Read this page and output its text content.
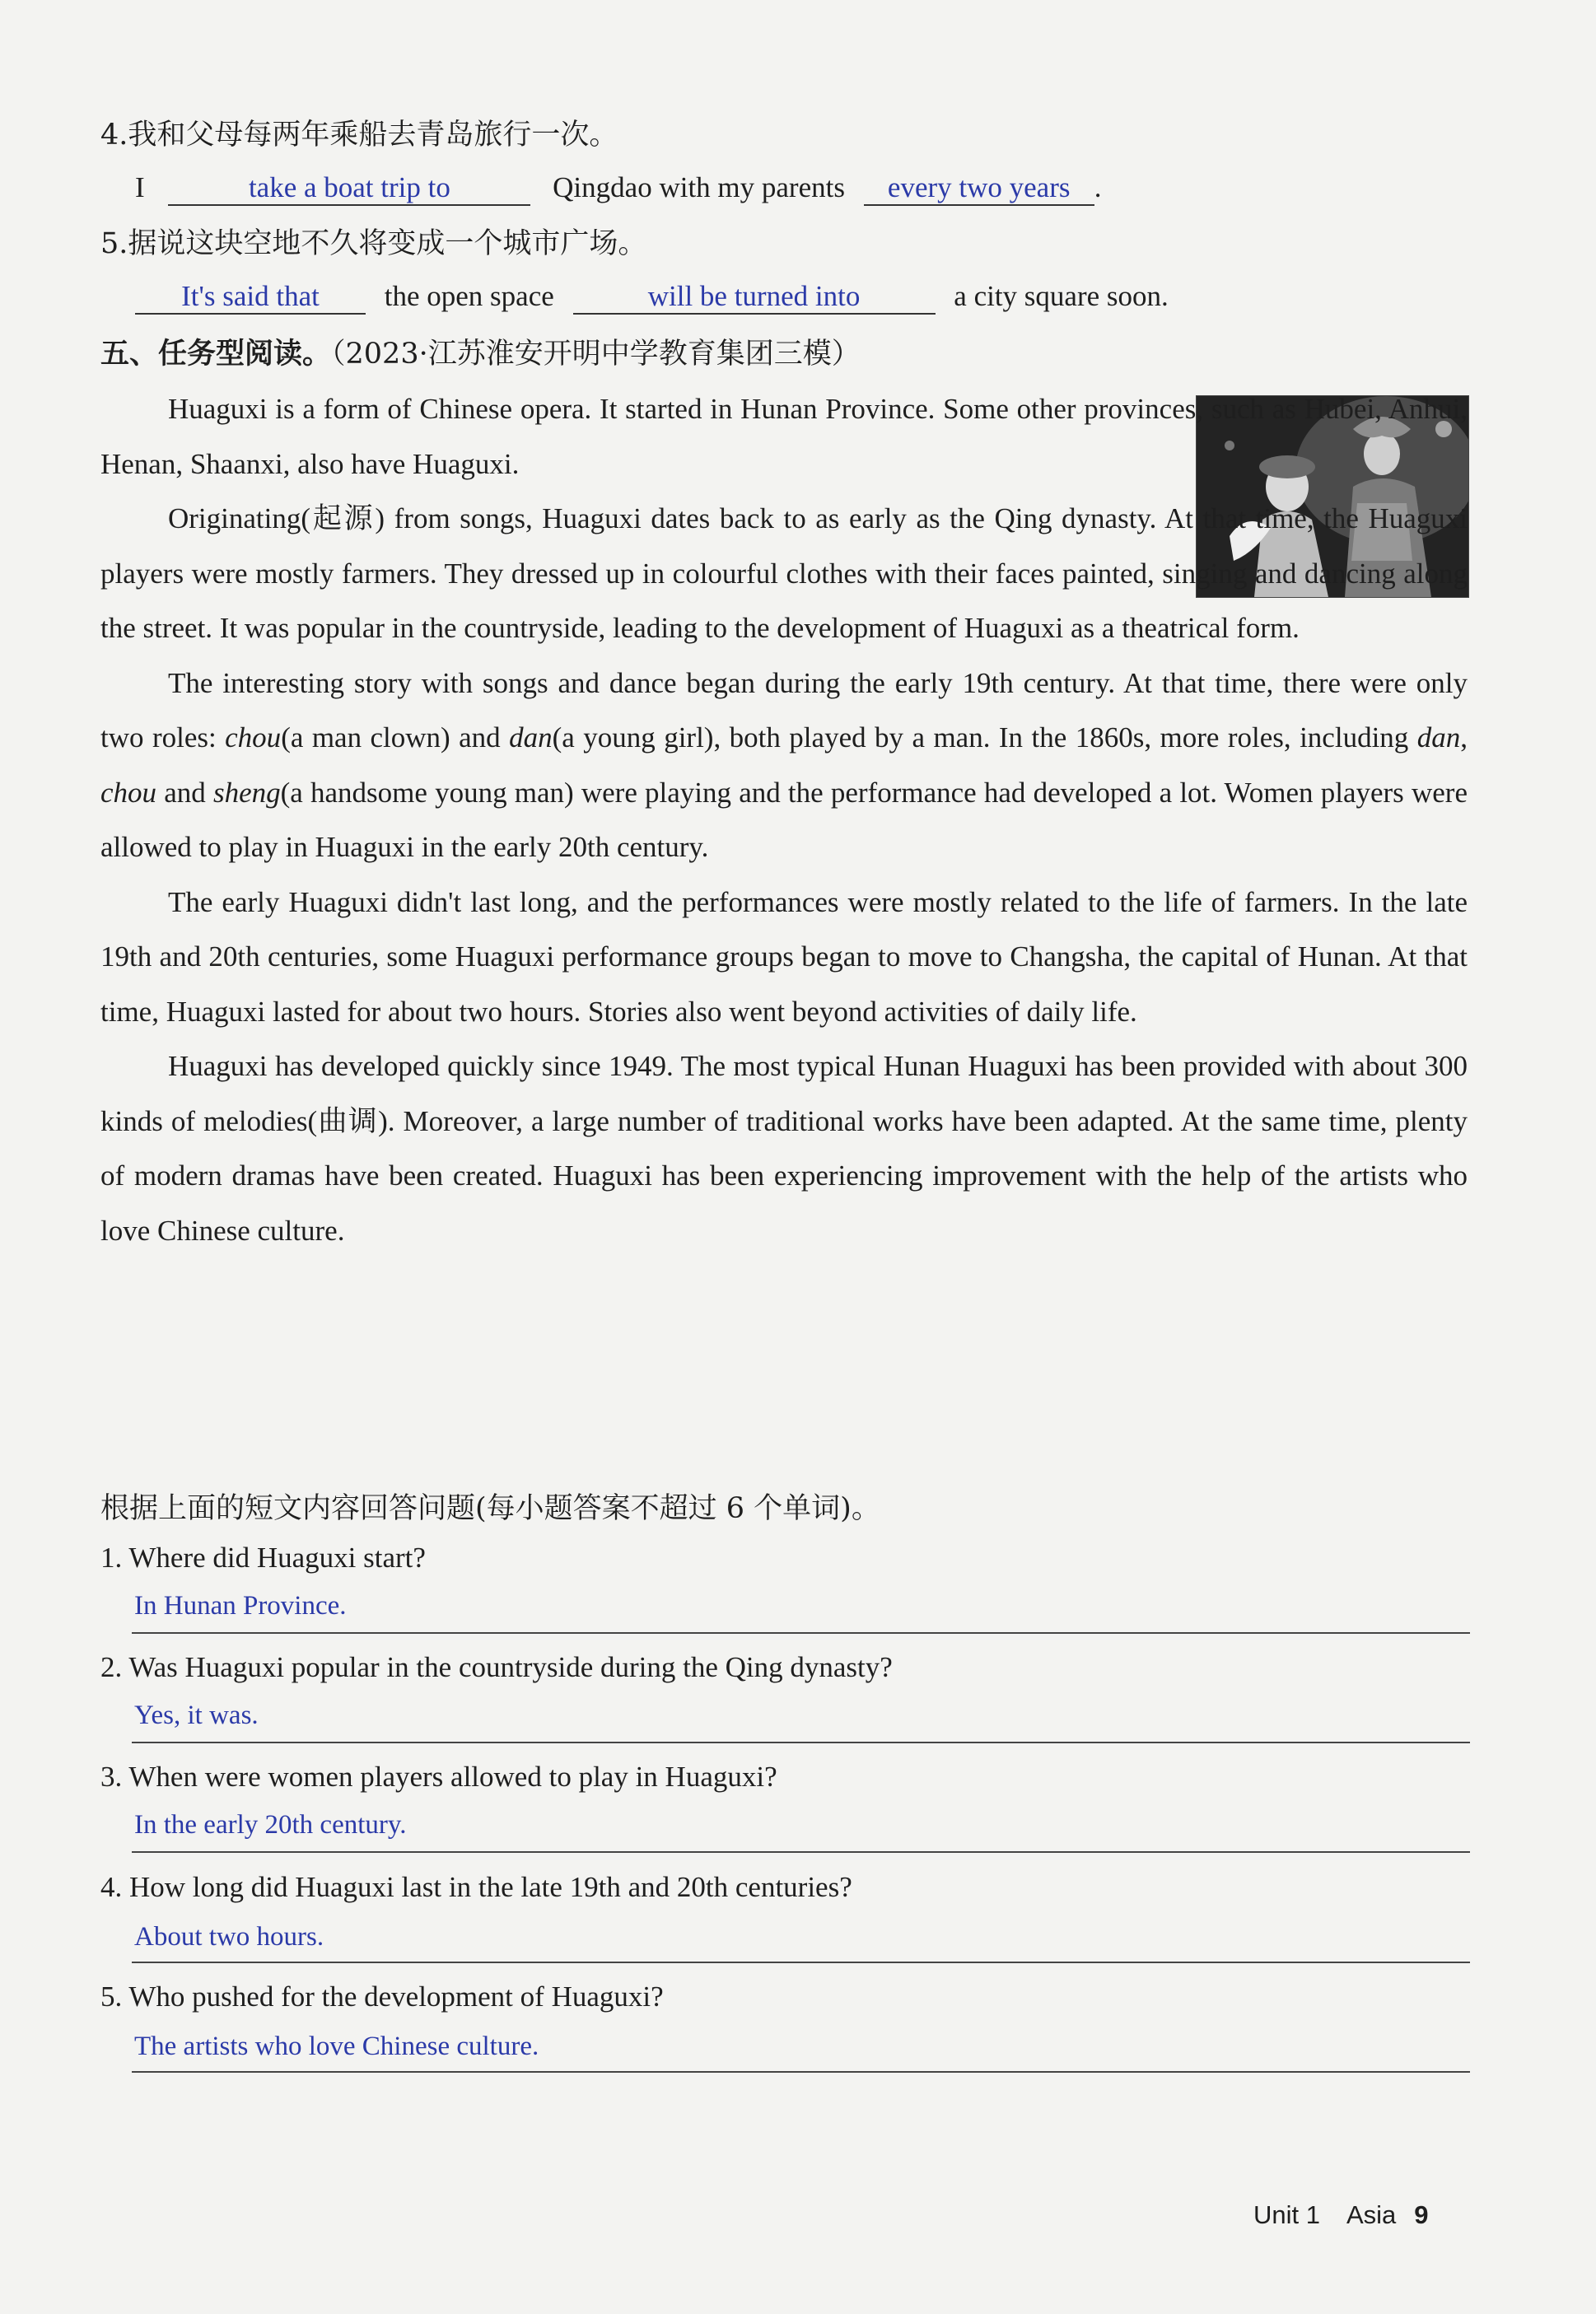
4.我和父母每两年乘船去青岛旅行一次。
I	take a boat trip to	Qingdao with my parents every two years .
5.据说这块空地不久将变成一个城市广场。
It's said that the open space	will be turned into	a city square soon.
五、任务型阅读。（2023·江苏淮安开明中学教育集团三模）

Huaguxi is a form of Chinese opera. It started in Hunan Province. Some other provinces, such as Hubei, Anhui, Henan, Shaanxi, also have Huaguxi.

Originating(起源) from songs, Huaguxi dates back to as early as the Qing dynasty. At that time, the Huaguxi players were mostly farmers. They dressed up in colourful clothes with their faces painted, singing and dancing along the street. It was popular in the countryside, leading to the development of Huaguxi as a theatrical form.

The interesting story with songs and dance began during the early 19th century. At that time, there were only two roles: chou(a man clown) and dan(a young girl), both played by a man. In the 1860s, more roles, including dan, chou and sheng(a handsome young man) were playing and the performance had developed a lot. Women players were allowed to play in Huaguxi in the early 20th century.

The early Huaguxi didn't last long, and the performances were mostly related to the life of farmers. In the late 19th and 20th centuries, some Huaguxi performance groups began to move to Changsha, the capital of Hunan. At that time, Huaguxi lasted for about two hours. Stories also went beyond activities of daily life.

Huaguxi has developed quickly since 1949. The most typical Hunan Huaguxi has been provided with about 300 kinds of melodies(曲调). Moreover, a large number of traditional works have been adapted. At the same time, plenty of modern dramas have been created. Huaguxi has been experiencing improvement with the help of the artists who love Chinese culture.

根据上面的短文内容回答问题(每小题答案不超过 6 个单词)。
1. Where did Huaguxi start?
In Hunan Province.
2. Was Huaguxi popular in the countryside during the Qing dynasty?
Yes, it was.
3. When were women players allowed to play in Huaguxi?
In the early 20th century.
4. How long did Huaguxi last in the late 19th and 20th centuries?
About two hours.
5. Who pushed for the development of Huaguxi?
The artists who love Chinese culture.
Unit 1 Asia 9
